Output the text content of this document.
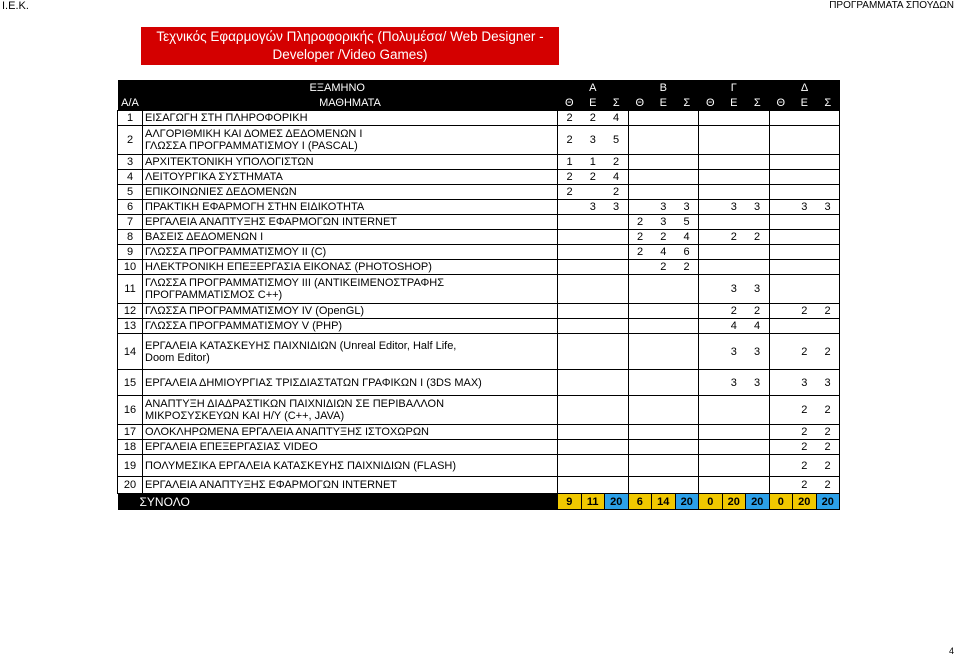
Ι.Ε.Κ.	ΠΡΟΓΡΑΜΜΑΤΑ ΣΠΟΥΔΩΝ
Τεχνικός Εφαρμογών Πληροφορικής (Πολυμέσα/ Web Designer -
Developer /Video Games)
ΕΞΑΜΗΝΟ		Α			Β			Γ			Δ		
Α/Α	ΜΑΘΗΜΑΤΑ	Θ	Ε	Σ	Θ	Ε	Σ	Θ	Ε	Σ	Θ	Ε	Σ
1	ΕΙΣΑΓΩΓΗ ΣΤΗ ΠΛΗΡΟΦΟΡΙΚΗ	2	2	4									
2	ΑΛΓΟΡΙΘΜΙΚΗ ΚΑΙ ΔΟΜΕΣ ΔΕΔΟΜΕΝΩΝ Ι
ΓΛΩΣΣΑ ΠΡΟΓΡΑΜΜΑΤΙΣΜΟΥ Ι (PASCAL)	2	3	5									
3	ΑΡΧΙΤΕΚΤΟΝΙΚΗ ΥΠΟΛΟΓΙΣΤΩΝ	1	1	2									
4	ΛΕΙΤΟΥΡΓΙΚΑ ΣΥΣΤΗΜΑΤΑ	2	2	4									
5	ΕΠΙΚΟΙΝΩΝΙΕΣ ΔΕΔΟΜΕΝΩΝ	2		2									
6	ΠΡΑΚΤΙΚΗ ΕΦΑΡΜΟΓΗ ΣΤΗΝ ΕΙΔΙΚΟΤΗΤΑ		3	3		3	3		3	3		3	3
7	ΕΡΓΑΛΕΙΑ ΑΝΑΠΤΥΞΗΣ ΕΦΑΡΜΟΓΩΝ INTERNET				2	3	5						
8	ΒΑΣΕΙΣ ΔΕΔΟΜΕΝΩΝ Ι				2	2	4		2	2			
9	ΓΛΩΣΣΑ ΠΡΟΓΡΑΜΜΑΤΙΣΜΟΥ ΙΙ (C)				2	4	6						
10	ΗΛΕΚΤΡΟΝΙΚΗ ΕΠΕΞΕΡΓΑΣΙΑ ΕΙΚΟΝΑΣ (PHOTOSHOP)					2	2						
11	ΓΛΩΣΣΑ ΠΡΟΓΡΑΜΜΑΤΙΣΜΟΥ ΙΙΙ (ΑΝΤΙΚΕΙΜΕΝΟΣΤΡΑΦΗΣ
ΠΡΟΓΡΑΜΜΑΤΙΣΜΟΣ C++)								3	3			
12	ΓΛΩΣΣΑ ΠΡΟΓΡΑΜΜΑΤΙΣΜΟΥ IV (OpenGL)								2	2		2	2
13	ΓΛΩΣΣΑ ΠΡΟΓΡΑΜΜΑΤΙΣΜΟΥ V (PHP)								4	4			
14	ΕΡΓΑΛΕΙΑ ΚΑΤΑΣΚΕΥΗΣ ΠΑΙΧΝΙΔΙΩΝ (Unreal Editor, Half Life,
Doom Editor)								3	3		2	2
15	ΕΡΓΑΛΕΙΑ ΔΗΜΙΟΥΡΓΙΑΣ ΤΡΙΣΔΙΑΣΤΑΤΩΝ ΓΡΑΦΙΚΩΝ Ι (3DS MAX)								3	3		3	3
16	ΑΝΑΠΤΥΞΗ ΔΙΑΔΡΑΣΤΙΚΩΝ ΠΑΙΧΝΙΔΙΩΝ ΣΕ ΠΕΡΙΒΑΛΛΟΝ
ΜΙΚΡΟΣΥΣΚΕΥΩΝ ΚΑΙ Η/Υ (C++, JAVA)											2	2
17	ΟΛΟΚΛΗΡΩΜΕΝΑ ΕΡΓΑΛΕΙΑ ΑΝΑΠΤΥΞΗΣ ΙΣΤΟΧΩΡΩΝ											2	2
18	ΕΡΓΑΛΕΙΑ ΕΠΕΞΕΡΓΑΣΙΑΣ VIDEO											2	2
19	ΠΟΛΥΜΕΣΙΚΑ ΕΡΓΑΛΕΙΑ ΚΑΤΑΣΚΕΥΗΣ ΠΑΙΧΝΙΔΙΩΝ (FLASH)											2	2
20	ΕΡΓΑΛΕΙΑ ΑΝΑΠΤΥΞΗΣ ΕΦΑΡΜΟΓΩΝ INTERNET											2	2
ΣΥΝΟΛΟ		9	11	20	6	14	20	0	20	20	0	20	20
4
